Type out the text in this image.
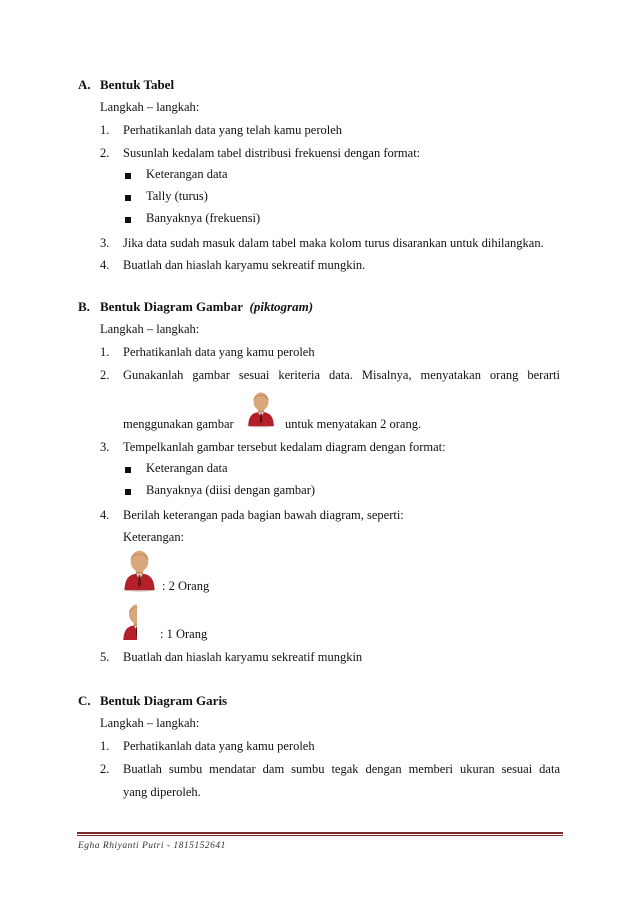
A. Bentuk Tabel
Langkah – langkah:
1. Perhatikanlah data yang telah kamu peroleh
2. Susunlah kedalam tabel distribusi frekuensi dengan format:
Keterangan data
Tally (turus)
Banyaknya (frekuensi)
3. Jika data sudah masuk dalam tabel maka kolom turus disarankan untuk dihilangkan.
4. Buatlah dan hiaslah karyamu sekreatif mungkin.
B. Bentuk Diagram Gambar (piktogram)
Langkah – langkah:
1. Perhatikanlah data yang kamu peroleh
2. Gunakanlah gambar sesuai keriteria data. Misalnya, menyatakan orang berarti
menggunakan gambar	untuk menyatakan 2 orang.
3. Tempelkanlah gambar tersebut kedalam diagram dengan format:
Keterangan data
Banyaknya (diisi dengan gambar)
4. Berilah keterangan pada bagian bawah diagram, seperti:
Keterangan:
: 2 Orang
: 1 Orang
5. Buatlah dan hiaslah karyamu sekreatif mungkin
C. Bentuk Diagram Garis
Langkah – langkah:
1. Perhatikanlah data yang kamu peroleh
2. Buatlah sumbu mendatar dam sumbu tegak dengan memberi ukuran sesuai data
yang diperoleh.
Egha Rhiyanti Putri - 1815152641
